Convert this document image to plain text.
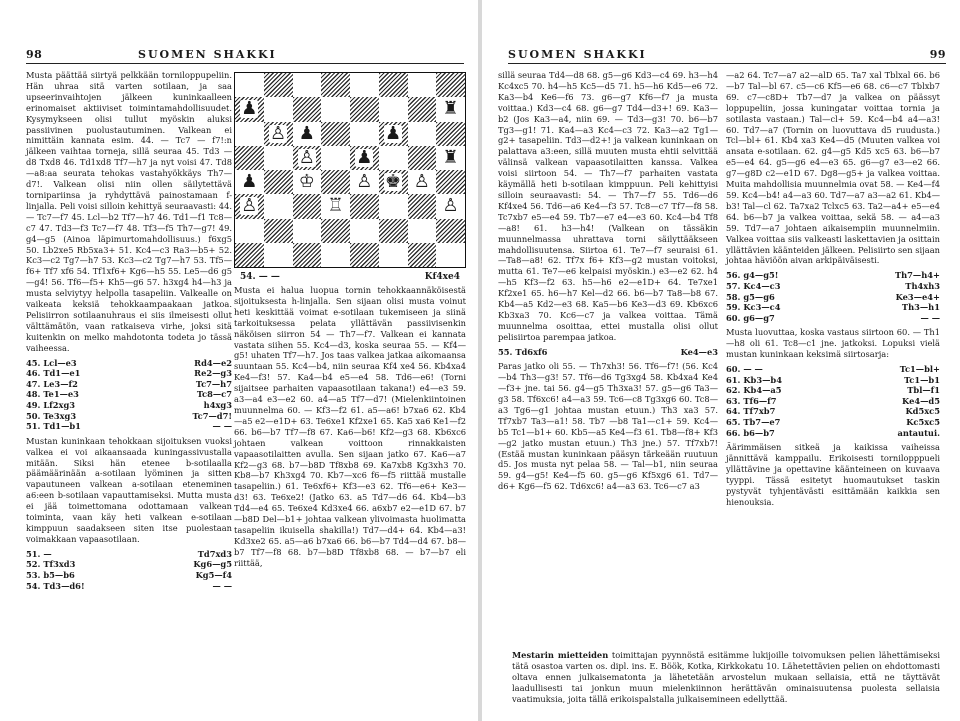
98	SUOMEN SHAKKI

Musta päättää siirtyä pelkkään torniloppupeliin. Hän uhraa sitä varten sotilaan, ja saa upseerinvaihtojen jälkeen kuninkaalleen erinomaiset aktiiviset toimintamahdollisuudet. Kysymykseen olisi tullut myöskin aluksi passiivinen puolustautuminen. Valkean ei nimittäin kannata esim. 44. — Tc7 — f7!:n jälkeen vaihtaa torneja, sillä seuraa 45. Td3 —d8 Txd8 46. Td1xd8 Tf7—h7 ja nyt voisi 47. Td8—a8:aa seurata tehokas vastahyökkäys Th7—d7!. Valkean olisi niin ollen säilytettävä tornipariinsa ja ryhdyttävä painostamaan f-linjalla. Peli voisi silloin kehittyä seuraavasti: 44. — Tc7—f7 45. Lcl—b2 Tf7—h7 46. Td1—f1 Tc8—c7 47. Td3—f3 Tc7—f7 48. Tf3—f5 Th7—g7! 49. g4—g5 (Ainoa läpimurtomahdollisuus.) f6xg5 50. Lb2xe5 Rb5xa3+ 51. Kc4—c3 Ra3—b5+ 52. Kc3—c2 Tg7—h7 53. Kc3—c2 Tg7—h7 53. Tf5—f6+ Tf7 xf6 54. Tf1xf6+ Kg6—h5 55. Le5—d6 g5—g4! 56. Tf6—f5+ Kh5—g6 57. h3xg4 h4—h3 ja musta selviytyy helpolla tasapeliin. Valkealle on vaikeata keksiä tehokkaampaakaan jatkoa. Pelisiirron sotilaanuhraus ei siis ilmeisesti ollut välttämätön, vaan ratkaiseva virhe, joksi sitä kuitenkin on melko mahdotonta todeta jo tässä vaiheessa.

45. Lcl—e3	Rd4—e2
46. Td1—e1	Re2—g3
47. Le3—f2	Tc7—h7
48. Te1—e3	Tc8—c7
49. Lf2xg3	h4xg3
50. Te3xg3	Tc7—d7!
51. Td1—b1	— —

Mustan kuninkaan tehokkaan sijoituksen vuoksi valkea ei voi aikaansaada kuningassivustalla mitään. Siksi hän etenee b-sotilaalla päämäärinään a-sotilaan lyöminen ja sitten vapautuneen valkean a-sotilaan eteneminen a6:een b-sotilaan vapauttamiseksi. Mutta musta ei jää toimettomana odottamaan valkean toiminta, vaan käy heti valkean e-sotilaan kimppuun saadakseen siten itse puolestaan voimakkaan vapaasotilaan.

51. —	Td7xd3
52. Tf3xd3	Kg6—g5
53. b5—b6	Kg5—f4
54. Td3—d6!	— —
♟	♜
♙ ♟	♟
♙ ♟	♜
♟ ♔ ♙ ♚ ♙
♙	♖	♙
54. — —	Kf4xe4

Musta ei halua luopua tornin tehokkaannäköisestä sijoituksesta h-linjalla. Sen sijaan olisi musta voinut heti keskittää voimat e-sotilaan tukemiseen ja siinä tarkoituksessa pelata yllättävän passiivisenkin näköisen siirron 54 — Th7—f7. Valkean ei kannata vastata siihen 55. Kc4—d3, koska seuraa 55. — Kf4—g5! uhaten Tf7—h7. Jos taas valkea jatkaa aikomaansa suuntaan 55. Kc4—b4, niin seuraa Kf4 xe4 56. Kb4xa4 Ke4—f3! 57. Ka4—b4 e5—e4 58. Td6—e6! (Torni sijaitsee parhaiten vapaasotilaan takana!) e4—e3 59. a3—a4 e3—e2 60. a4—a5 Tf7—d7! (Mielenkiintoinen muunnelma 60. — Kf3—f2 61. a5—a6! b7xa6 62. Kb4—a5 e2—e1D+ 63. Te6xe1 Kf2xe1 65. Ka5 xa6 Ke1—f2 66. b6—b7 Tf7—f8 67. Ka6—b6! Kf2—g3 68. Kb6xc6 johtaen valkean voittoon rinnakkaisten vapaasotilaitten avulla. Sen sijaan jatko 67. Ka6—a7 Kf2—g3 68. b7—b8D Tf8xb8 69. Ka7xb8 Kg3xh3 70. Kb8—b7 Kh3xg4 70. Kb7—xc6 f6—f5 riittää mustalle tasapeliin.) 61. Te6xf6+ Kf3—e3 62. Tf6—e6+ Ke3—d3! 63. Te6xe2! (Jatko 63. a5 Td7—d6 64. Kb4—b3 Td4—e4 65. Te6xe4 Kd3xe4 66. a6xb7 e2—e1D 67. b7—b8D Del—b1+ johtaa valkean ylivoimasta huolimatta tasapeliin ikuisella shakilla!) Td7—d4+ 64. Kb4—a3! Kd3xe2 65. a5—a6 b7xa6 66. b6—b7 Td4—d4 67. b8—b7 Tf7—f8 68. b7—b8D Tf8xb8 68. — b7—b7 eli riittää,

SUOMEN SHAKKI	99

sillä seuraa Td4—d8 68. g5—g6 Kd3—c4 69. h3—h4 Kc4xc5 70. h4—h5 Kc5—d5 71. h5—h6 Kd5—e6 72. Ka3—b4 Ke6—f6 73. g6—g7 Kf6—f7 ja musta voittaa.) Kd3—c4 68. g6—g7 Td4—d3+! 69. Ka3—b2 (Jos Ka3—a4, niin 69. — Td3—g3! 70. b6—b7 Tg3—g1! 71. Ka4—a3 Kc4—c3 72. Ka3—a2 Tg1—g2+ tasapeliin. Td3—d2+! ja valkean kuninkaan on palattava a3:een, sillä muuten musta ehtii selvittää välinsä valkean vapaasotilaitten kanssa. Valkea voisi siirtoon 54. — Th7—f7 parhaiten vastata käymällä heti b-sotilaan kimppuun. Peli kehittyisi silloin seuraavasti: 54. — Th7—f7 55. Td6—d6 Kf4xe4 56. Td6—a6 Ke4—f3 57. Tc8—c7 Tf7—f8 58. Tc7xb7 e5—e4 59. Tb7—e7 e4—e3 60. Kc4—b4 Tf8—a8! 61. h3—h4! (Valkean on tässäkin muunnelmassa uhrattava torni säilyttääkseen mahdollisuutensa. Siirtoa 61. Te7—f7 seuraisi 61. —Ta8—a8! 62. Tf7x f6+ Kf3—g2 mustan voitoksi, mutta 61. Te7—e6 kelpaisi myöskin.) e3—e2 62. h4—h5 Kf3—f2 63. h5—h6 e2—e1D+ 64. Te7xe1 Kf2xe1 65. h6—h7 Kel—d2 66. b6—b7 Ta8—b8 67. Kb4—a5 Kd2—e3 68. Ka5—b6 Ke3—d3 69. Kb6xc6 Kb3xa3 70. Kc6—c7 ja valkea voittaa. Tämä muunnelma osoittaa, ettei mustalla olisi ollut pelisiirtoa parempaa jatkoa.

55. Td6xf6	Ke4—e3

Paras jatko oli 55. — Th7xh3! 56. Tf6—f7! (56. Kc4—b4 Th3—g3! 57. Tf6—d6 Tg3xg4 58. Kb4xa4 Ke4—f3+ jne. tai 56. g4—g5 Th3xa3! 57. g5—g6 Ta3—g3 58. Tf6xc6! a4—a3 59. Tc6—c8 Tg3xg6 60. Tc8—a3 Tg6—g1 johtaa mustan etuun.) Th3 xa3 57. Tf7xb7 Ta3—a1! 58. Tb7 —b8 Ta1—c1+ 59. Kc4—b5 Tc1—b1+ 60. Kb5—a5 Ke4—f3 61. Tb8—f8+ Kf3—g2 jatko mustan etuun.) Th3 jne.) 57. Tf7xb7! (Estää mustan kuninkaan pääsyn tärkeään ruutuun d5. Jos musta nyt pelaa 58. — Tal—b1, niin seuraa 59. g4—g5! Ke4—f5 60. g5—g6 Kf5xg6 61. Td7—d6+ Kg6—f5 62. Td6xc6! a4—a3 63. Tc6—c7 a3

—a2 64. Tc7—a7 a2—alD 65. Ta7 xal Tblxal 66. b6—b7 Tal—bl 67. c5—c6 Kf5—e6 68. c6—c7 Tblxb7 69. c7—c8D+ Tb7—d7 ja valkea on päässyt loppupeliin, jossa kuningatar voittaa tornia ja sotilasta vastaan.) Tal—cl+ 59. Kc4—b4 a4—a3! 60. Td7—a7 (Tornin on luovuttava d5 ruudusta.) Tcl—bl+ 61. Kb4 xa3 Ke4—d5 (Muuten valkea voi ansata e-sotilaan. 62. g4—g5 Kd5 xc5 63. b6—b7 e5—e4 64. g5—g6 e4—e3 65. g6—g7 e3—e2 66. g7—g8D c2—e1D 67. Dg8—g5+ ja valkea voittaa. Muita mahdollisia muunnelmia ovat 58. — Ke4—f4 59. Kc4—b4! a4—a3 60. Td7—a7 a3—a2 61. Kb4—b3! Tal—cl 62. Ta7xa2 Tclxc5 63. Ta2—a4+ e5—e4 64. b6—b7 ja valkea voittaa, sekä 58. — a4—a3 59. Td7—a7 johtaen aikaisempiin muunnelmiin. Valkea voittaa siis valkeasti laskettavien ja osittain yllättävien käänteiden jälkeen. Pelisiirto sen sijaan johtaa häviöön aivan arkipäiväisesti.

56. g4—g5!	Th7—h4+
57. Kc4—c3	Th4xh3
58. g5—g6	Ke3—e4+
59. Kc3—c4	Th3—h1
60. g6—g7	— —

Musta luovuttaa, koska vastaus siirtoon 60. — Th1—h8 oli 61. Tc8—c1 jne. jatkoksi. Lopuksi vielä mustan kuninkaan keksimä siirtosarja:

60. — —	Tc1—bl+
61. Kb3—b4	Tc1—b1
62. Kb4—a5	Tbl—f1
63. Tf6—f7	Ke4—d5
64. Tf7xb7	Kd5xc5
65. Tb7—e7	Kc5xc5
66. b6—b7	antautui.

Äärimmäisen sitkeä ja kaikissa vaiheissa jännittävä kamppailu. Erikoisesti tornilopppueli yllättävine ja opettavine käänteineen on kuvaava tyyppi. Tässä esitetyt huomautukset taskin pystyvät tyhjentävästi esittämään kaikkia sen hienouksia.

Mestarin mietteiden toimittajan pyynnöstä esitämme lukijoille toivomuksen pelien lähettämiseksi tätä osastoa varten os. dipl. ins. E. Böök, Kotka, Kirkkokatu 10. Lähetettävien pelien on ehdottomasti oltava ennen julkaisematonta ja lähetetään arvostelun mukaan sellaisia, että ne täyttävät laadullisesti tai jonkun muun mielenkiinnon herättävän ominaisuutensa puolesta sellaisia vaatimuksia, joita tällä erikoispalstalla julkaisemineen edellyttää.
